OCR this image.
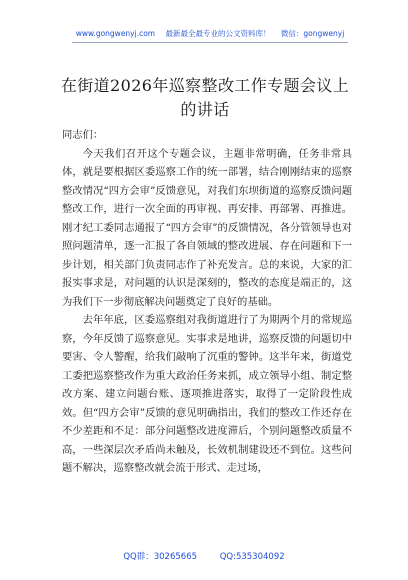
www.gongwenyj.com 最新最全最专业的公文资料库！ 微信：gongwenyj
在街道2026年巡察整改工作专题会议上的讲话

同志们：

今天我们召开这个专题会议，主题非常明确，任务非常具体，就是要根据区委巡察工作的统一部署，结合刚刚结束的巡察整改情况“四方会审”反馈意见，对我们东坝街道的巡察反馈问题整改工作，进行一次全面的再审视、再安排、再部署、再推进。刚才纪工委同志通报了“四方会审”的反馈情况，各分管领导也对照问题清单，逐一汇报了各自领域的整改进展、存在问题和下一步计划，相关部门负责同志作了补充发言。总的来说，大家的汇报实事求是，对问题的认识是深刻的，整改的态度是端正的，这为我们下一步彻底解决问题奠定了良好的基础。

去年年底，区委巡察组对我街道进行了为期两个月的常规巡察，今年反馈了巡察意见。实事求是地讲，巡察反馈的问题切中要害、令人警醒，给我们敲响了沉重的警钟。这半年来，街道党工委把巡察整改作为重大政治任务来抓，成立领导小组、制定整改方案、建立问题台账、逐项推进落实，取得了一定阶段性成效。但“四方会审”反馈的意见明确指出，我们的整改工作还存在不少差距和不足：部分问题整改进度滞后，个别问题整改质量不高，一些深层次矛盾尚未触及，长效机制建设还不到位。这些问题不解决，巡察整改就会流于形式、走过场，

QQ群：30265665	QQ:535304092
